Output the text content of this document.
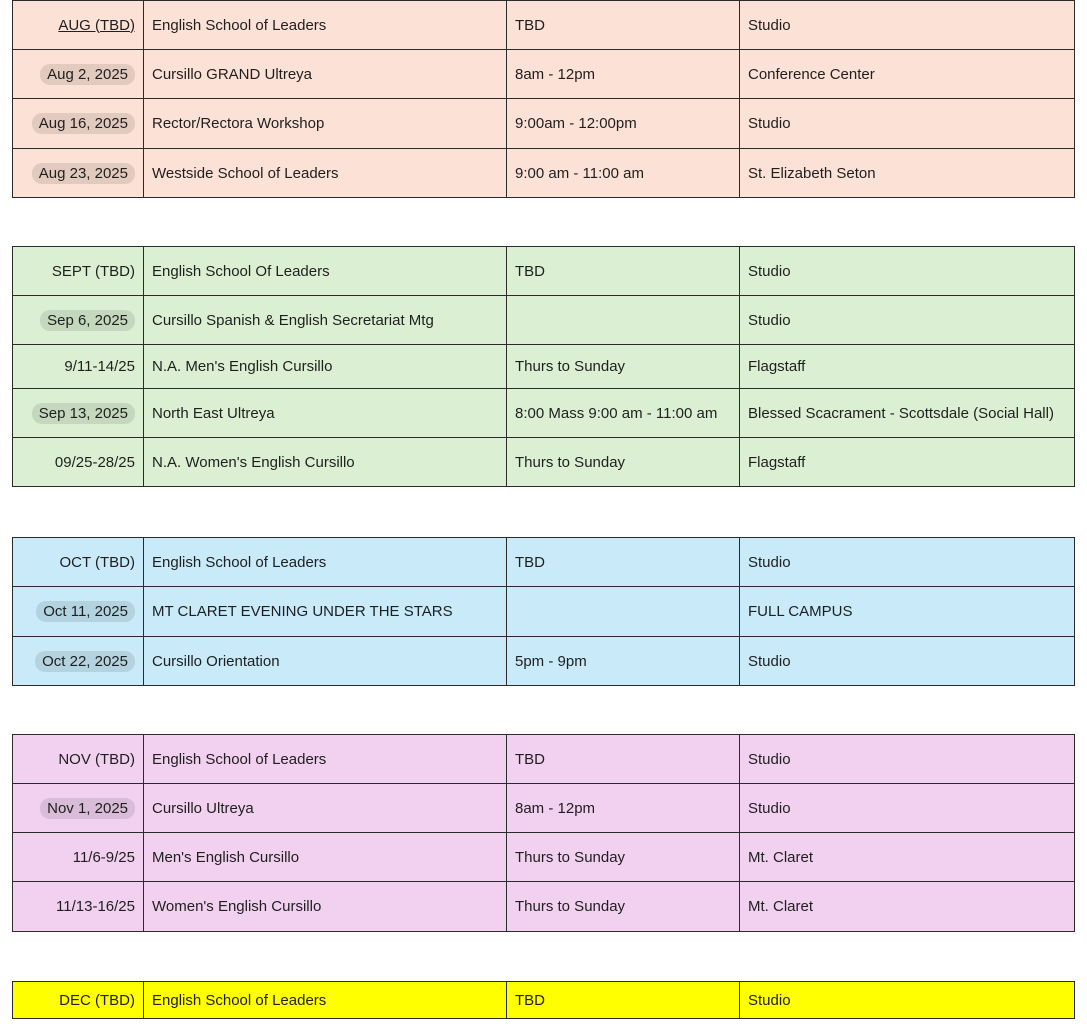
AUG (TBD)	English School of Leaders	TBD	Studio
Aug 2, 2025	Cursillo GRAND Ultreya	8am - 12pm	Conference Center
Aug 16, 2025	Rector/Rectora Workshop	9:00am - 12:00pm	Studio
Aug 23, 2025	Westside School of Leaders	9:00 am - 11:00 am	St. Elizabeth Seton
SEPT (TBD)	English School Of Leaders	TBD	Studio
Sep 6, 2025	Cursillo Spanish & English Secretariat Mtg		Studio
9/11-14/25	N.A. Men's English Cursillo	Thurs to Sunday	Flagstaff
Sep 13, 2025	North East Ultreya	8:00 Mass 9:00 am - 11:00 am	Blessed Scacrament - Scottsdale (Social Hall)
09/25-28/25	N.A. Women's English Cursillo	Thurs to Sunday	Flagstaff
OCT (TBD)	English School of Leaders	TBD	Studio
Oct 11, 2025	MT CLARET EVENING UNDER THE STARS		FULL CAMPUS
Oct 22, 2025	Cursillo Orientation	5pm - 9pm	Studio
NOV (TBD)	English School of Leaders	TBD	Studio
Nov 1, 2025	Cursillo Ultreya	8am - 12pm	Studio
11/6-9/25	Men's English Cursillo	Thurs to Sunday	Mt. Claret
11/13-16/25	Women's English Cursillo	Thurs to Sunday	Mt. Claret
DEC (TBD)	English School of Leaders	TBD	Studio
